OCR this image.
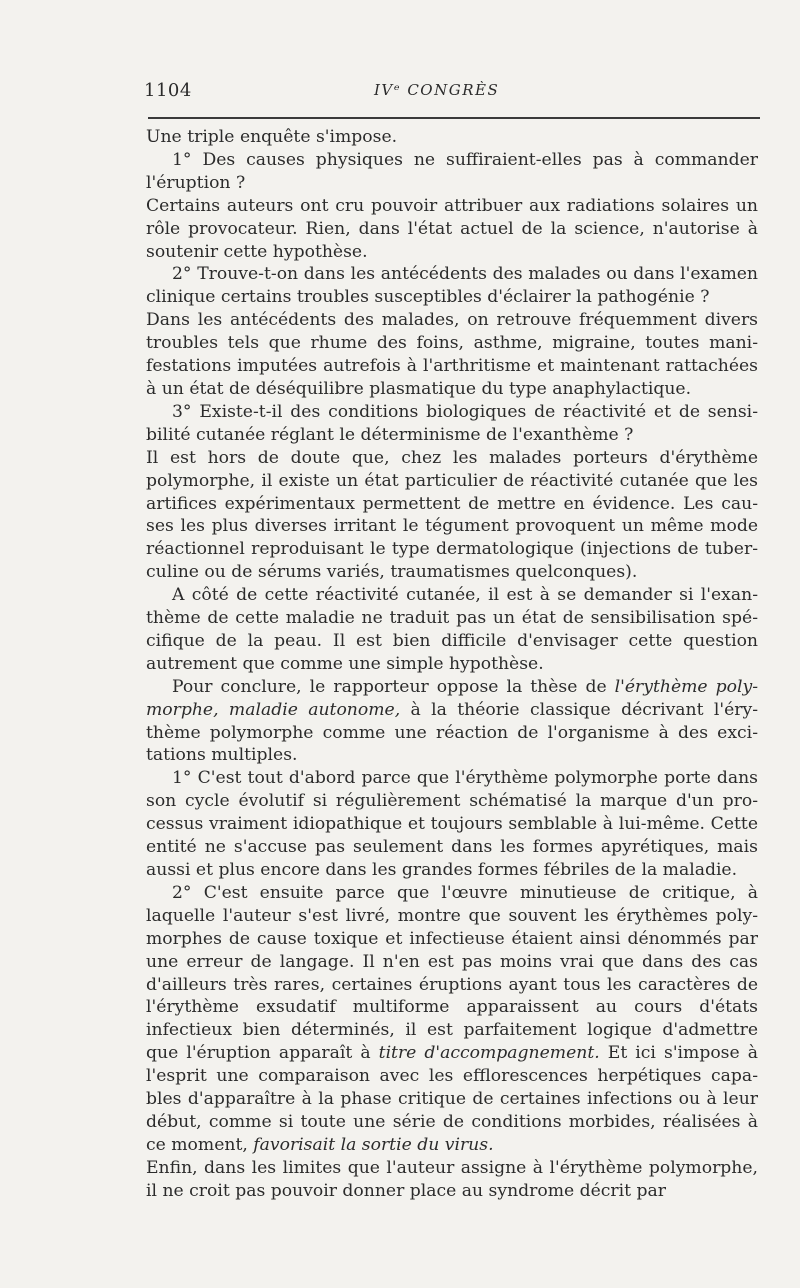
1104	IVᵉ CONGRÈS

Une triple enquête s'impose.

1° Des causes physiques ne suffiraient-elles pas à commander l'éruption ?

Certains auteurs ont cru pouvoir attribuer aux radiations solaires un rôle provocateur. Rien, dans l'état actuel de la science, n'autorise à soutenir cette hypothèse.

2° Trouve-t-on dans les antécédents des malades ou dans l'examen clinique certains troubles susceptibles d'éclairer la pathogénie ?

Dans les antécédents des malades, on retrouve fréquemment divers troubles tels que rhume des foins, asthme, migraine, toutes manifestations imputées autrefois à l'arthritisme et maintenant rattachées à un état de déséquilibre plasmatique du type anaphylactique.

3° Existe-t-il des conditions biologiques de réactivité et de sensibilité cutanée réglant le déterminisme de l'exanthème ?

Il est hors de doute que, chez les malades porteurs d'érythème polymorphe, il existe un état particulier de réactivité cutanée que les artifices expérimentaux permettent de mettre en évidence. Les causes les plus diverses irritant le tégument provoquent un même mode réactionnel reproduisant le type dermatologique (injections de tuberculine ou de sérums variés, traumatismes quelconques).

A côté de cette réactivité cutanée, il est à se demander si l'exanthème de cette maladie ne traduit pas un état de sensibilisation spécifique de la peau. Il est bien difficile d'envisager cette question autrement que comme une simple hypothèse.

Pour conclure, le rapporteur oppose la thèse de l'érythème polymorphe, maladie autonome, à la théorie classique décrivant l'érythème polymorphe comme une réaction de l'organisme à des excitations multiples.

1° C'est tout d'abord parce que l'érythème polymorphe porte dans son cycle évolutif si régulièrement schématisé la marque d'un processus vraiment idiopathique et toujours semblable à lui-même. Cette entité ne s'accuse pas seulement dans les formes apyrétiques, mais aussi et plus encore dans les grandes formes fébriles de la maladie.

2° C'est ensuite parce que l'œuvre minutieuse de critique, à laquelle l'auteur s'est livré, montre que souvent les érythèmes polymorphes de cause toxique et infectieuse étaient ainsi dénommés par une erreur de langage. Il n'en est pas moins vrai que dans des cas d'ailleurs très rares, certaines éruptions ayant tous les caractères de l'érythème exsudatif multiforme apparaissent au cours d'états infectieux bien déterminés, il est parfaitement logique d'admettre que l'éruption apparaît à titre d'accompagnement. Et ici s'impose à l'esprit une comparaison avec les efflorescences herpétiques capables d'apparaître à la phase critique de certaines infections ou à leur début, comme si toute une série de conditions morbides, réalisées à ce moment, favorisait la sortie du virus.

Enfin, dans les limites que l'auteur assigne à l'érythème polymorphe, il ne croit pas pouvoir donner place au syndrome décrit par
